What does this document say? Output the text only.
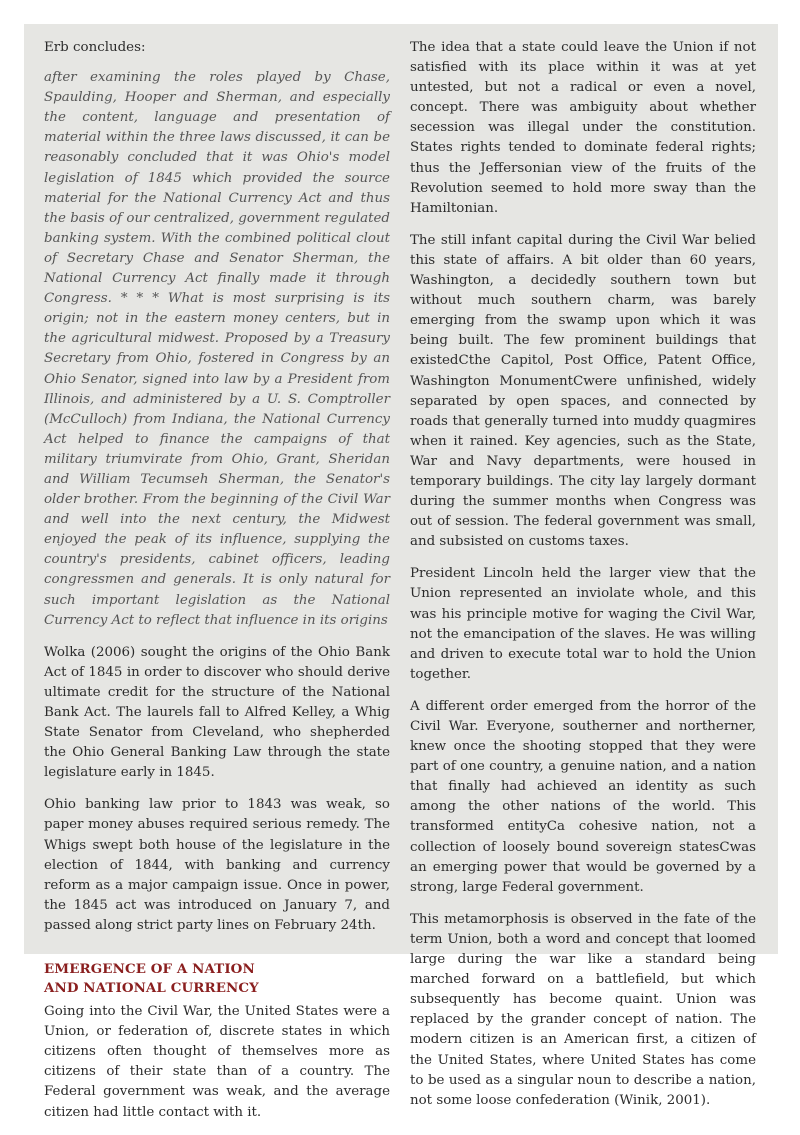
Erb concludes:

after examining the roles played by Chase, Spaulding, Hooper and Sherman, and especially the content, language and presentation of material within the three laws discussed, it can be reasonably concluded that it was Ohio's model legislation of 1845 which provided the source material for the National Currency Act and thus the basis of our centralized, government regulated banking system. With the combined political clout of Secretary Chase and Senator Sherman, the National Currency Act finally made it through Congress. * * * What is most surprising is its origin; not in the eastern money centers, but in the agricultural midwest. Proposed by a Treasury Secretary from Ohio, fostered in Congress by an Ohio Senator, signed into law by a President from Illinois, and administered by a U. S. Comptroller (McCulloch) from Indiana, the National Currency Act helped to finance the campaigns of that military triumvirate from Ohio, Grant, Sheridan and William Tecumseh Sherman, the Senator's older brother. From the beginning of the Civil War and well into the next century, the Midwest enjoyed the peak of its influence, supplying the country's presidents, cabinet officers, leading congressmen and generals. It is only natural for such important legislation as the National Currency Act to reflect that influence in its origins

Wolka (2006) sought the origins of the Ohio Bank Act of 1845 in order to discover who should derive ultimate credit for the structure of the National Bank Act. The laurels fall to Alfred Kelley, a Whig State Senator from Cleveland, who shepherded the Ohio General Banking Law through the state legislature early in 1845.

Ohio banking law prior to 1843 was weak, so paper money abuses required serious remedy. The Whigs swept both house of the legislature in the election of 1844, with banking and currency reform as a major campaign issue. Once in power, the 1845 act was introduced on January 7, and passed along strict party lines on February 24th.

EMERGENCE OF A NATION
AND NATIONAL CURRENCY

Going into the Civil War, the United States were a Union, or federation of, discrete states in which citizens often thought of themselves more as citizens of their state than of a country. The Federal government was weak, and the average citizen had little contact with it.

The idea that a state could leave the Union if not satisfied with its place within it was at yet untested, but not a radical or even a novel, concept. There was ambiguity about whether secession was illegal under the constitution. States rights tended to dominate federal rights; thus the Jeffersonian view of the fruits of the Revolution seemed to hold more sway than the Hamiltonian.

The still infant capital during the Civil War belied this state of affairs. A bit older than 60 years, Washington, a decidedly southern town but without much southern charm, was barely emerging from the swamp upon which it was being built. The few prominent buildings that existedCthe Capitol, Post Office, Patent Office, Washington MonumentCwere unfinished, widely separated by open spaces, and connected by roads that generally turned into muddy quagmires when it rained. Key agencies, such as the State, War and Navy departments, were housed in temporary buildings. The city lay largely dormant during the summer months when Congress was out of session. The federal government was small, and subsisted on customs taxes.

President Lincoln held the larger view that the Union represented an inviolate whole, and this was his principle motive for waging the Civil War, not the emancipation of the slaves. He was willing and driven to execute total war to hold the Union together.

A different order emerged from the horror of the Civil War. Everyone, southerner and northerner, knew once the shooting stopped that they were part of one country, a genuine nation, and a nation that finally had achieved an identity as such among the other nations of the world. This transformed entityCa cohesive nation, not a collection of loosely bound sovereign statesCwas an emerging power that would be governed by a strong, large Federal government.

This metamorphosis is observed in the fate of the term Union, both a word and concept that loomed large during the war like a standard being marched forward on a battlefield, but which subsequently has become quaint. Union was replaced by the grander concept of nation. The modern citizen is an American first, a citizen of the United States, where United States has come to be used as a singular noun to describe a nation, not some loose confederation (Winik, 2001).
